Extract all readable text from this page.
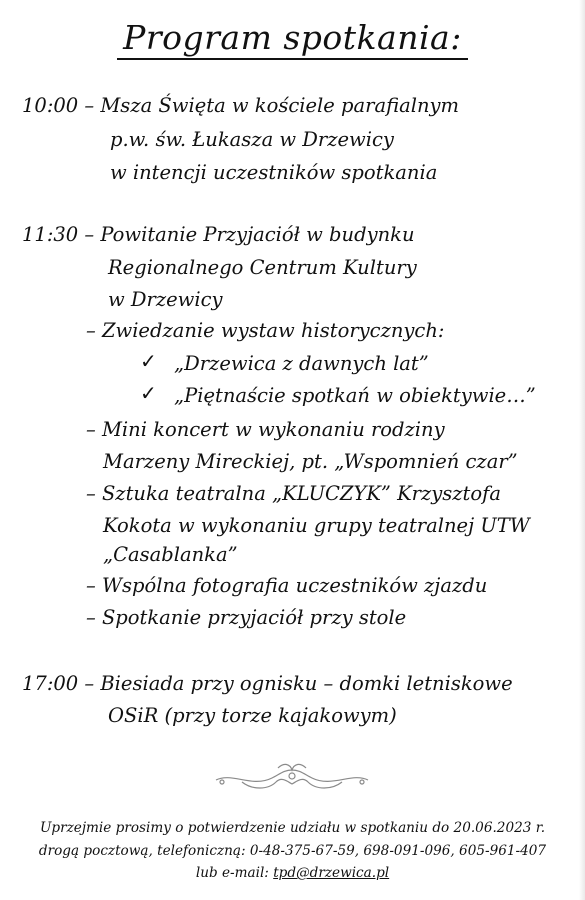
Program spotkania:
10:00 – Msza Święta w kościele parafialnym
p.w. św. Łukasza w Drzewicy
w intencji uczestników spotkania
11:30 – Powitanie Przyjaciół w budynku
Regionalnego Centrum Kultury
w Drzewicy
– Zwiedzanie wystaw historycznych:
✓ „Drzewica z dawnych lat”
✓ „Piętnaście spotkań w obiektywie…”
– Mini koncert w wykonaniu rodziny
Marzeny Mireckiej, pt. „Wspomnień czar”
– Sztuka teatralna „KLUCZYK” Krzysztofa
Kokota w wykonaniu grupy teatralnej UTW
„Casablanka”
– Wspólna fotografia uczestników zjazdu
– Spotkanie przyjaciół przy stole
17:00 – Biesiada przy ognisku – domki letniskowe
OSiR (przy torze kajakowym)
Uprzejmie prosimy o potwierdzenie udziału w spotkaniu do 20.06.2023 r.
drogą pocztową, telefoniczną: 0-48-375-67-59, 698-091-096, 605-961-407
lub e-mail: tpd@drzewica.pl
